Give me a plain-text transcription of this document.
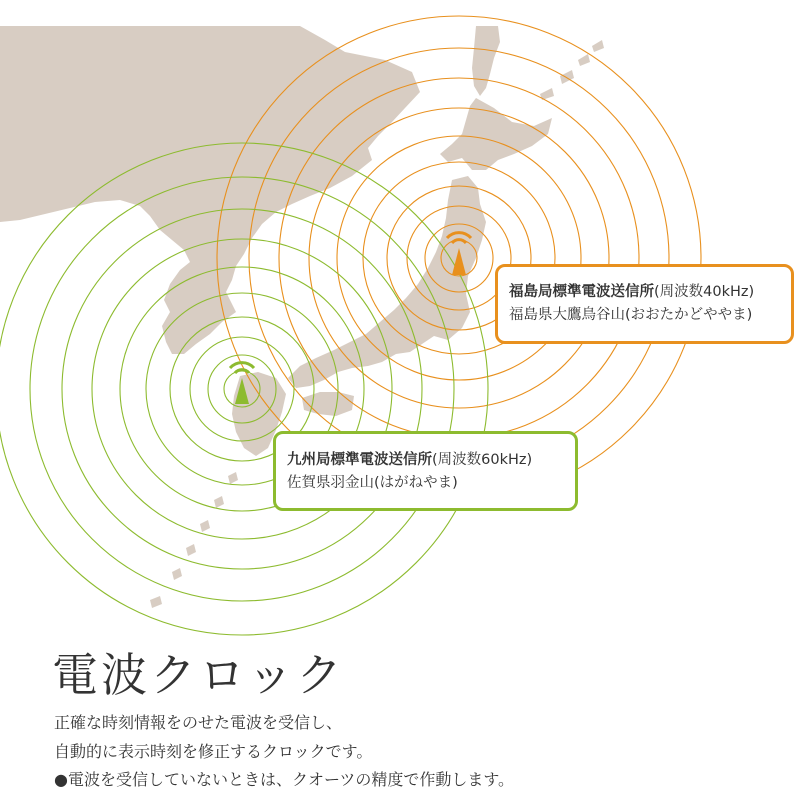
福島局標準電波送信所(周波数40kHz)
福島県大鷹鳥谷山(おおたかどややま)
九州局標準電波送信所(周波数60kHz)
佐賀県羽金山(はがねやま)
電波クロック
正確な時刻情報をのせた電波を受信し、
自動的に表示時刻を修正するクロックです。
●電波を受信していないときは、クオーツの精度で作動します。
